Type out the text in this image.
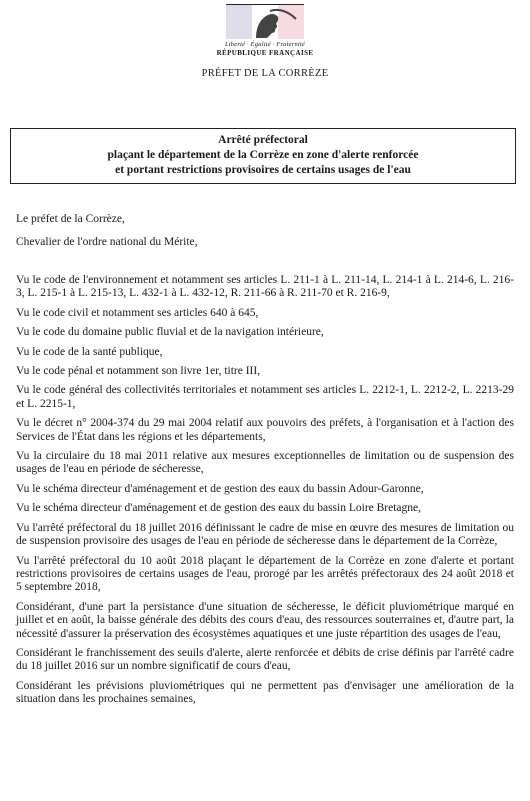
Liberté · Égalité · Fraternité
RÉPUBLIQUE FRANÇAISE
PRÉFET DE LA CORRÈZE
Arrêté préfectoral
plaçant le département de la Corrèze en zone d'alerte renforcée
et portant restrictions provisoires de certains usages de l'eau
Le préfet de la Corrèze,
Chevalier de l'ordre national du Mérite,

Vu le code de l'environnement et notamment ses articles L. 211-1 à L. 211-14, L. 214-1 à L. 214-6, L. 216-3, L. 215-1 à L. 215-13, L. 432-1 à L. 432-12, R. 211-66 à R. 211-70 et R. 216-9,

Vu le code civil et notamment ses articles 640 à 645,

Vu le code du domaine public fluvial et de la navigation intérieure,

Vu le code de la santé publique,

Vu le code pénal et notamment son livre 1er, titre III,

Vu le code général des collectivités territoriales et notamment ses articles L. 2212-1, L. 2212-2, L. 2213-29 et L. 2215-1,

Vu le décret n° 2004-374 du 29 mai 2004 relatif aux pouvoirs des préfets, à l'organisation et à l'action des Services de l'État dans les régions et les départements,

Vu la circulaire du 18 mai 2011 relative aux mesures exceptionnelles de limitation ou de suspension des usages de l'eau en période de sécheresse,

Vu le schéma directeur d'aménagement et de gestion des eaux du bassin Adour-Garonne,

Vu le schéma directeur d'aménagement et de gestion des eaux du bassin Loire Bretagne,

Vu l'arrêté préfectoral du 18 juillet 2016 définissant le cadre de mise en œuvre des mesures de limitation ou de suspension provisoire des usages de l'eau en période de sécheresse dans le département de la Corrèze,

Vu l'arrêté préfectoral du 10 août 2018 plaçant le département de la Corrèze en zone d'alerte et portant restrictions provisoires de certains usages de l'eau, prorogé par les arrêtés préfectoraux des 24 août 2018 et 5 septembre 2018,

Considérant, d'une part la persistance d'une situation de sécheresse, le déficit pluviométrique marqué en juillet et en août, la baisse générale des débits des cours d'eau, des ressources souterraines et, d'autre part, la nécessité d'assurer la préservation des écosystèmes aquatiques et une juste répartition des usages de l'eau,

Considérant le franchissement des seuils d'alerte, alerte renforcée et débits de crise définis par l'arrêté cadre du 18 juillet 2016 sur un nombre significatif de cours d'eau,

Considérant les prévisions pluviométriques qui ne permettent pas d'envisager une amélioration de la situation dans les prochaines semaines,
